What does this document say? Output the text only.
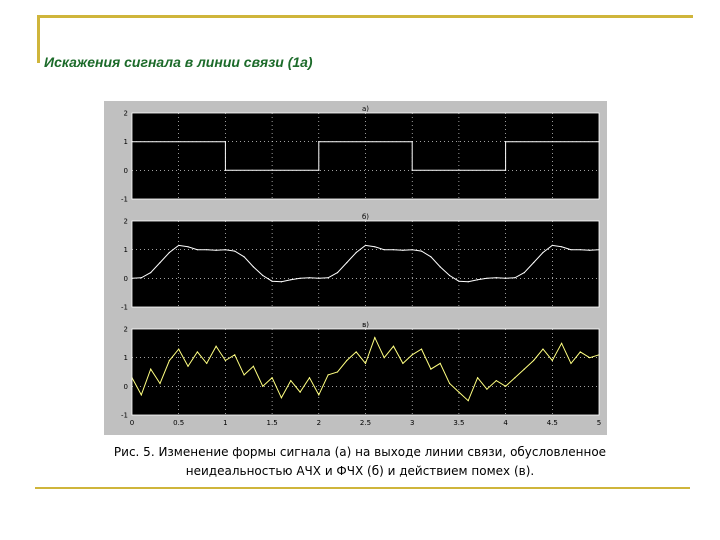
Искажения сигнала в линии связи (1а)
a)
-1
0
1
2
б)
-1
0
1
2
в)
-1
0
1
2
0	0.5	1	1.5	2	2.5	3	3.5	4	4.5	5
Рис. 5. Изменение формы сигнала (а) на выходе линии связи, обусловленное
неидеальностью АЧХ и ФЧХ (б) и действием помех (в).
